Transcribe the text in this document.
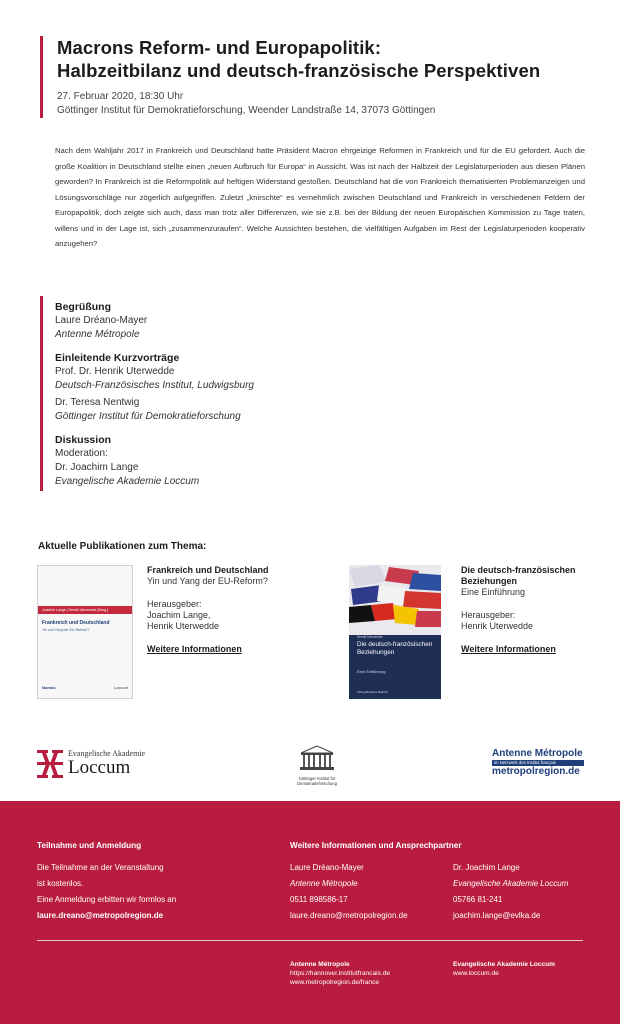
Macrons Reform- und Europapolitik:
Halbzeitbilanz und deutsch-französische Perspektiven
27. Februar 2020, 18:30 Uhr
Göttinger Institut für Demokratieforschung, Weender Landstraße 14, 37073 Göttingen

Nach dem Wahljahr 2017 in Frankreich und Deutschland hatte Präsident Macron ehrgeizige Reformen in Frankreich und für die EU gefordert. Auch die große Koalition in Deutschland stellte einen „neuen Aufbruch für Europa“ in Aussicht. Was ist nach der Halbzeit der Legislaturperioden aus diesen Plänen geworden? In Frankreich ist die Reformpolitik auf heftigen Widerstand gestoßen. Deutschland hat die von Frankreich thematisierten Problemanzeigen und Lösungsvorschläge nur zögerlich aufgegriffen. Zuletzt „knirschte“ es vernehmlich zwischen Deutschland und Frankreich in verschiedenen Feldern der Europapolitik, doch zeigte sich auch, dass man trotz aller Differenzen, wie sie z.B. bei der Bildung der neuen Europäischen Kommission zu Tage traten, willens und in der Lage ist, sich „zusammenzuraufen“. Welche Aussichten bestehen, die vielfältigen Aufgaben im Rest der Legislaturperioden kooperativ anzugehen?

Begrüßung
Laure Dréano-Mayer
Antenne Métropole
Einleitende Kurzvorträge
Prof. Dr. Henrik Uterwedde
Deutsch-Französisches Institut, Ludwigsburg
Dr. Teresa Nentwig
Göttinger Institut für Demokratieforschung
Diskussion
Moderation:
Dr. Joachim Lange
Evangelische Akademie Loccum
Aktuelle Publikationen zum Thema:
Joachim Lange | Henrik Uterwedde [Hrsg.]
Frankreich und Deutschland
Yin und Yang der EU-Reform?
Nomos	Loccum
Frankreich und Deutschland
Yin und Yang der EU-Reform?
Herausgeber:
Joachim Lange,
Henrik Uterwedde
Weitere Informationen
Henrik Uterwedde
Die deutsch-französischen Beziehungen
Eine Einführung
Verlag Barbara Budrich
Die deutsch-französischen
Beziehungen
Eine Einführung
Herausgeber:
Henrik Uterwedde
Weitere Informationen
Evangelische Akademie
Loccum
Göttinger Institut für
Demokratieforschung
Antenne Métropole
im Netzwerk des Institut français
metropolregion.de
Teilnahme und Anmeldung
Die Teilnahme an der Veranstaltung
ist kostenlos.
Eine Anmeldung erbitten wir formlos an
laure.dreano@metropolregion.de
Weitere Informationen und Ansprechpartner
Laure Dréano-Mayer
Antenne Métropole
0511 898586-17
laure.dreano@metropolregion.de
Dr. Joachim Lange
Evangelische Akademie Loccum
05766 81-241
joachim.lange@evlka.de
Antenne Métropole
https://hannover.institutfrancais.de
www.metropolregion.de/france
Evangelische Akademie Loccum
www.loccum.de
